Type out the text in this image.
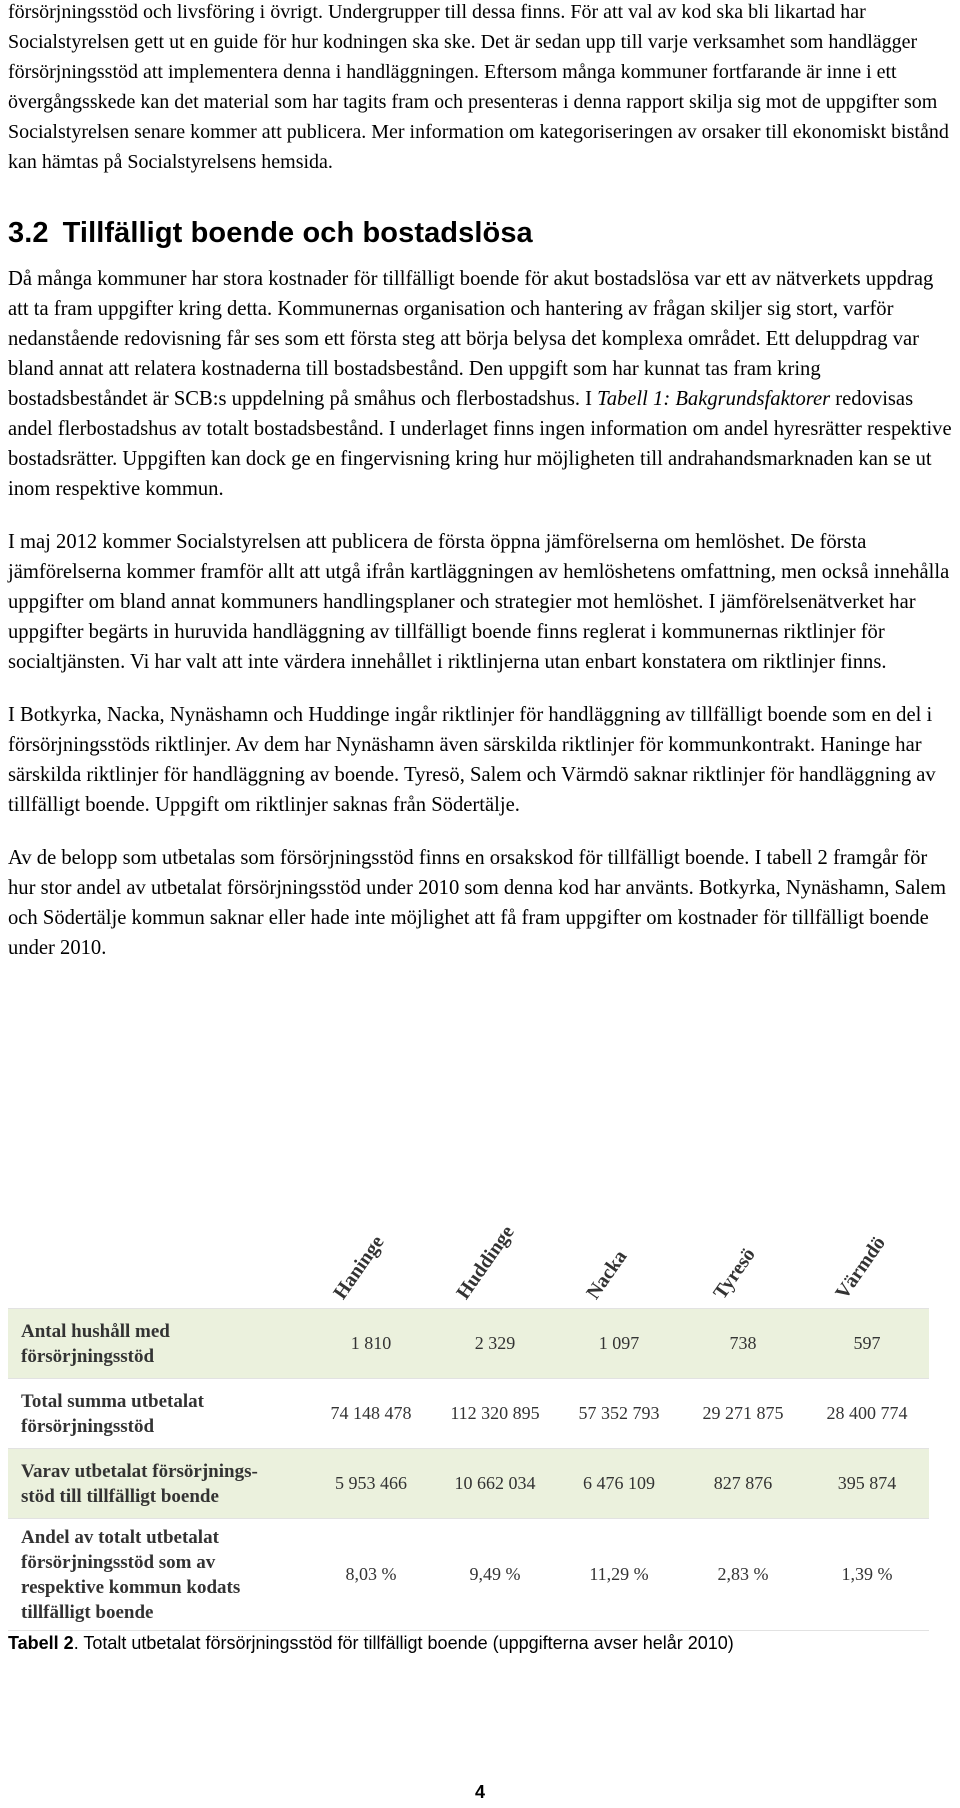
försörjningsstöd och livsföring i övrigt. Undergrupper till dessa finns. För att val av kod ska bli likartad har Socialstyrelsen gett ut en guide för hur kodningen ska ske. Det är sedan upp till varje verksamhet som handlägger försörjningsstöd att implementera denna i handläggningen. Eftersom många kommuner fortfarande är inne i ett övergångsskede kan det material som har tagits fram och presenteras i denna rapport skilja sig mot de uppgifter som Socialstyrelsen senare kommer att publicera. Mer information om kategoriseringen av orsaker till ekonomiskt bistånd kan hämtas på Socialstyrelsens hemsida.

3.2 Tillfälligt boende och bostadslösa

Då många kommuner har stora kostnader för tillfälligt boende för akut bostadslösa var ett av nätverkets uppdrag att ta fram uppgifter kring detta. Kommunernas organisation och hantering av frågan skiljer sig stort, varför nedanstående redovisning får ses som ett första steg att börja belysa det komplexa området. Ett deluppdrag var bland annat att relatera kostnaderna till bostadsbestånd. Den uppgift som har kunnat tas fram kring bostadsbeståndet är SCB:s uppdelning på småhus och flerbostadshus. I Tabell 1: Bakgrundsfaktorer redovisas andel flerbostadshus av totalt bostadsbestånd. I underlaget finns ingen information om andel hyresrätter respektive bostadsrätter. Uppgiften kan dock ge en fingervisning kring hur möjligheten till andrahandsmarknaden kan se ut inom respektive kommun.

I maj 2012 kommer Socialstyrelsen att publicera de första öppna jämförelserna om hemlöshet. De första jämförelserna kommer framför allt att utgå ifrån kartläggningen av hemlöshetens omfattning, men också innehålla uppgifter om bland annat kommuners handlingsplaner och strategier mot hemlöshet. I jämförelsenätverket har uppgifter begärts in huruvida handläggning av tillfälligt boende finns reglerat i kommunernas riktlinjer för socialtjänsten. Vi har valt att inte värdera innehållet i riktlinjerna utan enbart konstatera om riktlinjer finns.

I Botkyrka, Nacka, Nynäshamn och Huddinge ingår riktlinjer för handläggning av tillfälligt boende som en del i försörjningsstöds riktlinjer. Av dem har Nynäshamn även särskilda riktlinjer för kommunkontrakt. Haninge har särskilda riktlinjer för handläggning av boende. Tyresö, Salem och Värmdö saknar riktlinjer för handläggning av tillfälligt boende. Uppgift om riktlinjer saknas från Södertälje.

Av de belopp som utbetalas som försörjningsstöd finns en orsakskod för tillfälligt boende. I tabell 2 framgår för hur stor andel av utbetalat försörjningsstöd under 2010 som denna kod har använts. Botkyrka, Nynäshamn, Salem och Södertälje kommun saknar eller hade inte möjlighet att få fram uppgifter om kostnader för tillfälligt boende under 2010.

Haninge	Huddinge	Nacka	Tyresö	Värmdö
Antal hushåll med
försörjningsstöd	1 810	2 329	1 097	738	597

Total summa utbetalat
försörjningsstöd	74 148 478	112 320 895	57 352 793	29 271 875	28 400 774

Varav utbetalat försörjnings-
stöd till tillfälligt boende	5 953 466	10 662 034	6 476 109	827 876	395 874

Andel av totalt utbetalat
försörjningsstöd som av
respektive kommun kodats
tillfälligt boende	8,03 %	9,49 %	11,29 %	2,83 %	1,39 %
Tabell 2. Totalt utbetalat försörjningsstöd för tillfälligt boende (uppgifterna avser helår 2010)
4
